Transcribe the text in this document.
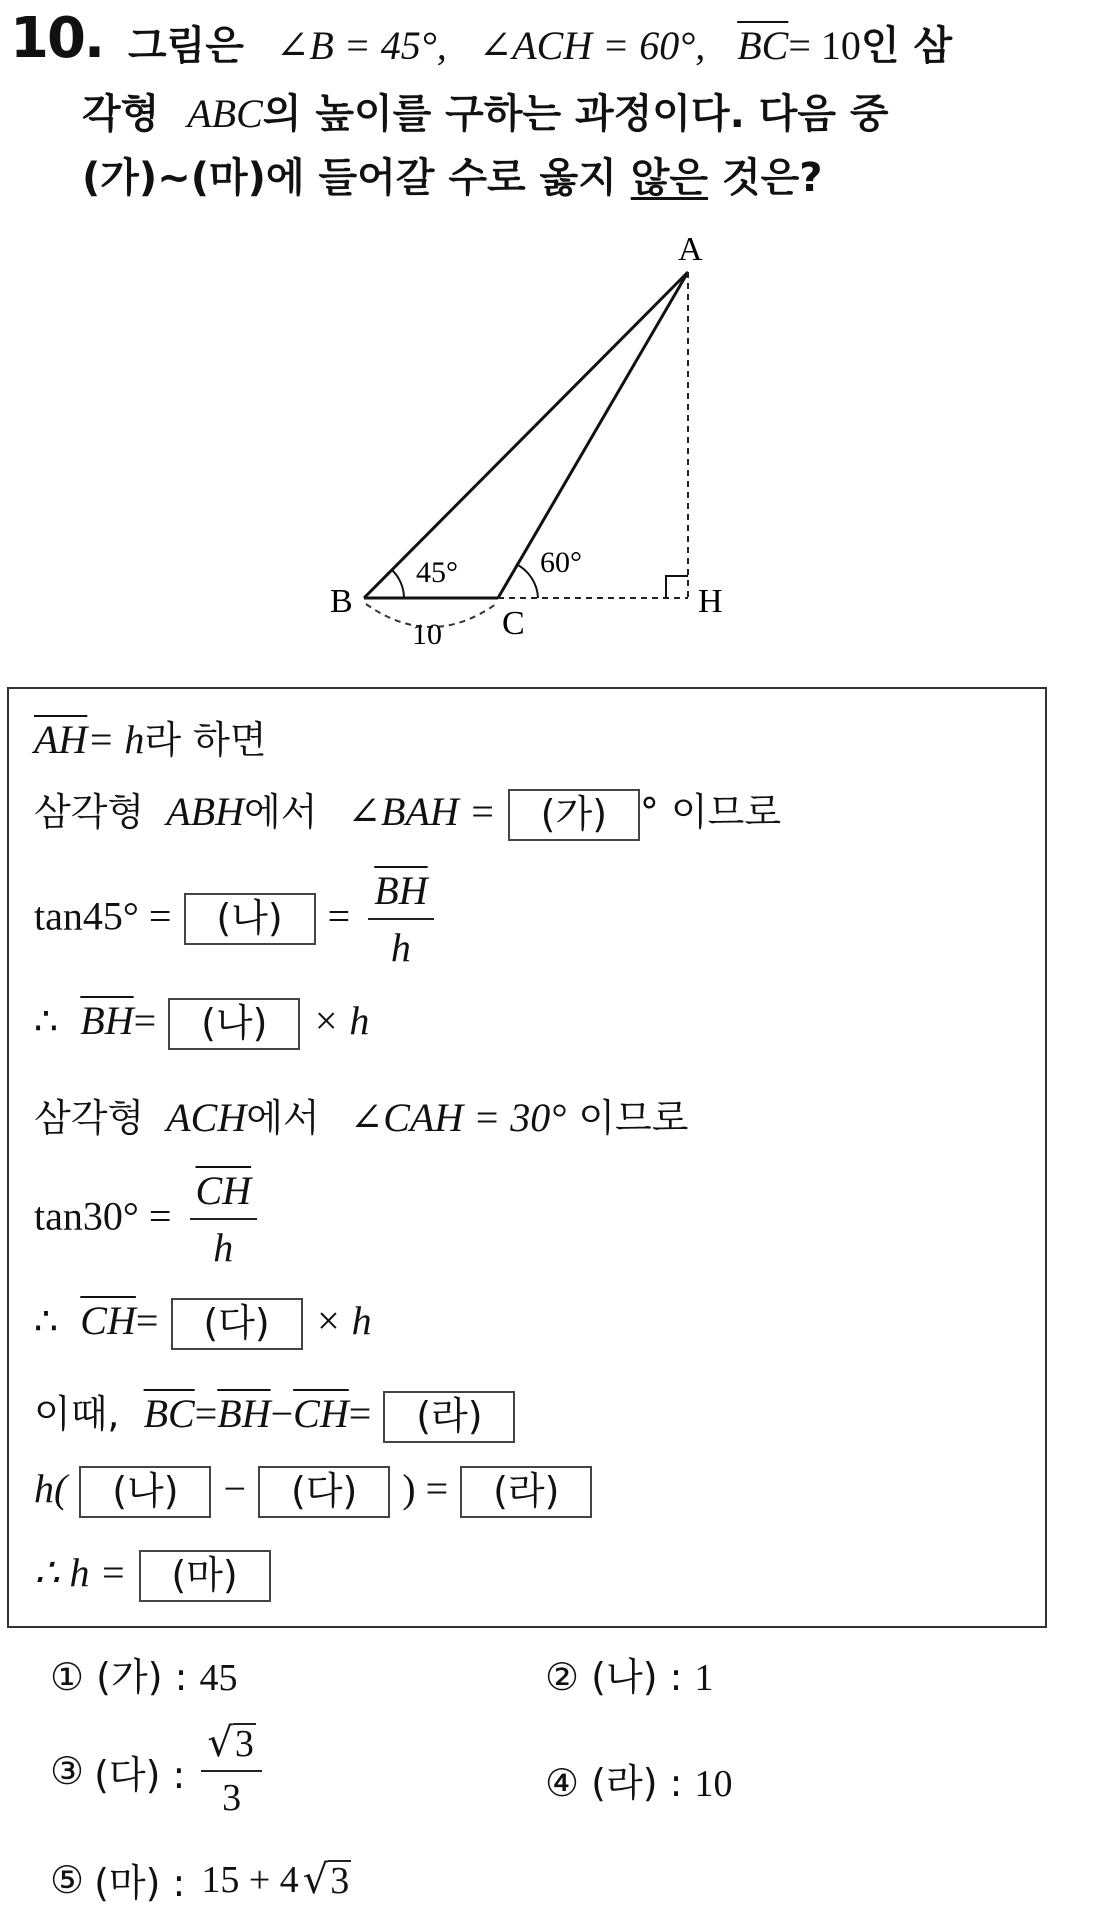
10. 그림은 ∠B = 45°, ∠ACH = 60°, $\overline{BC}= 10$인 삼
각형 ABC의 높이를 구하는 과정이다. 다음 중
(가)~(마)에 들어갈 수로 옳지 않은 것은?
A
B
C
H
45°	60°
10
$\overline{AH}= h$라 하면
삼각형 ABH에서 ∠BAH = (가) ° 이므로
tan45° = (나) = $\frac{\overline{BH}}{h}$
∴ $\overline{BH}=$ (나) × h
삼각형 ACH에서 ∠CAH = 30° 이므로
$\tan 30^\circ = \frac{\overline{CH}}{h}$
∴ $\overline{CH}=$ (다) × h
이때, $\overline{BC}=\overline{BH}-\overline{CH}=$ (라)
h( (나) − (다) ) = (라)
∴ h = (마)
① (가) : 45	② (나) : 1
③ (다) : $\frac{√ 3}{3}$	④ (라) : 10
⑤ (마) : 15 + 4 √ 3
